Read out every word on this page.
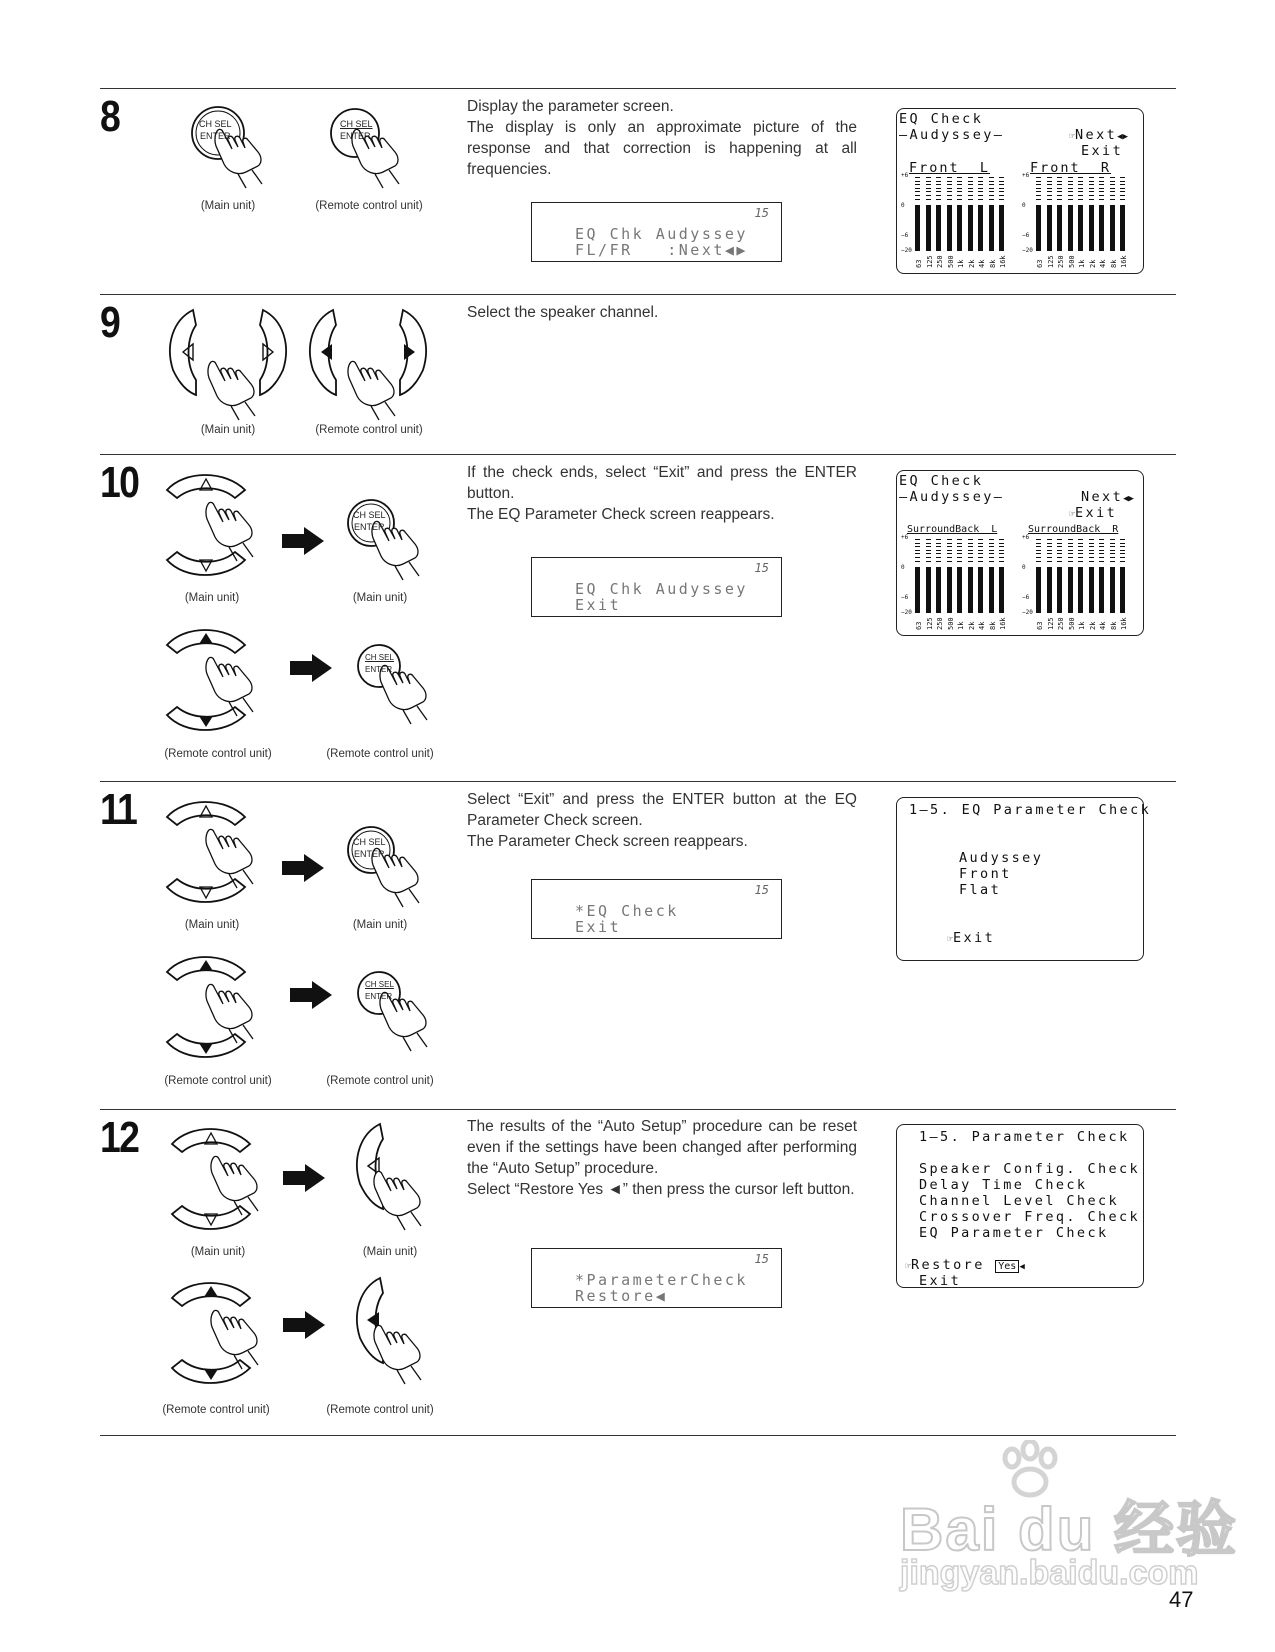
8	CH SEL
ENTER
CH SEL
ENTER
(Main unit)	(Remote control unit)

Display the parameter screen.

The display is only an approximate picture of the response and that correction is happening at all frequencies.

15
EQ Chk Audyssey
FL/FR   :Next◀▶
EQ Check
—Audyssey—	☞Next◀▶
Exit
Front  L	Front  R
+6
0
−6
−20
63 125 250 500 1k 2k 4k 8k 16k
+6
0
−6
−20
63 125 250 500 1k 2k 4k 8k 16k
9
(Main unit)	(Remote control unit)

Select the speaker channel.

10
CH SEL
ENTER
(Main unit)	(Main unit)
CH SEL
ENTER
(Remote control unit)	(Remote control unit)

If the check ends, select “Exit” and press the ENTER button.

The EQ Parameter Check screen reappears.

15
EQ Chk Audyssey
Exit
EQ Check
—Audyssey—	Next◀▶
☞Exit
SurroundBack  L	SurroundBack  R
+6
0
−6
−20
63 125 250 500 1k 2k 4k 8k 16k
+6
0
−6
−20
63 125 250 500 1k 2k 4k 8k 16k
11
CH SEL
ENTER
(Main unit)	(Main unit)
CH SEL
ENTER
(Remote control unit)	(Remote control unit)

Select “Exit” and press the ENTER button at the EQ Parameter Check screen.

The Parameter Check screen reappears.

15
*EQ Check
Exit
1—5. EQ Parameter Check
Audyssey
Front
Flat
☞Exit
12
(Main unit)	(Main unit)
(Remote control unit)	(Remote control unit)

The results of the “Auto Setup” procedure can be reset even if the settings have been changed after performing the “Auto Setup” procedure.

Select “Restore Yes ◄” then press the cursor left button.

15
*ParameterCheck
Restore◀
1—5. Parameter Check
Speaker Config. Check
Delay Time Check
Channel Level Check
Crossover Freq. Check
EQ Parameter Check
☞Restore Yes ◀
Exit
Bai du 经验
jingyan.baidu.com
47
